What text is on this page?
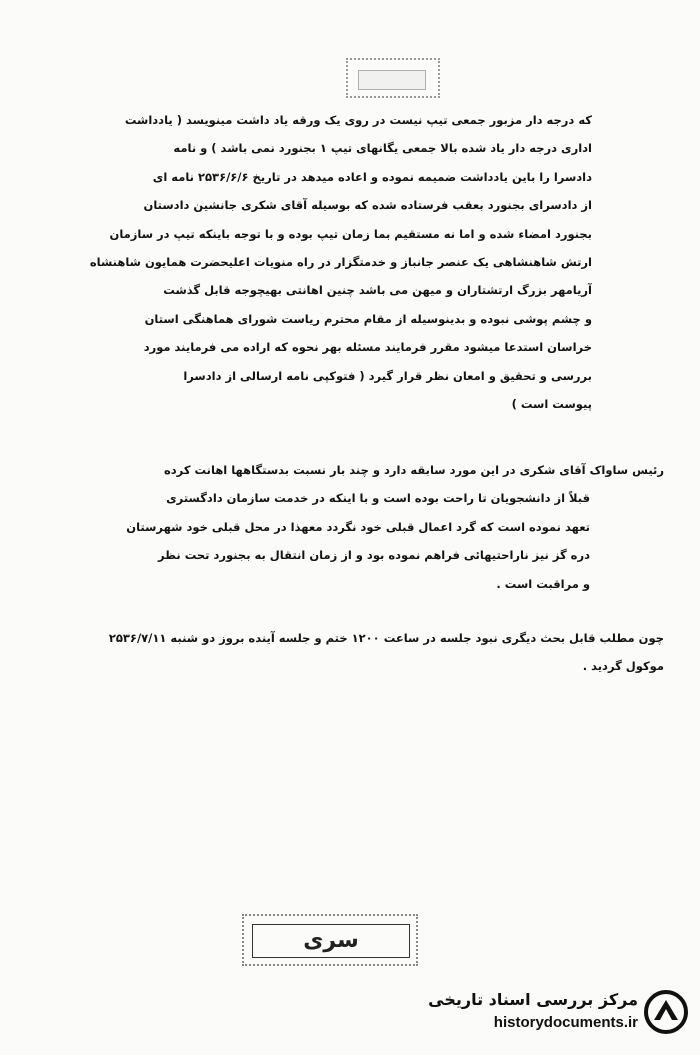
که درجه دار مزبور جمعی تیپ نیست در روی یک ورقه یاد داشت مینویسد ( یادداشت
اداری درجه دار یاد شده بالا جمعی یگانهای تیپ ۱ بجنورد نمی باشد ) و نامه
دادسرا را باین یادداشت ضمیمه نموده و اعاده میدهد در تاریخ ۲۵۳۶/۶/۶ نامه ای
از دادسرای بجنورد بعقب فرستاده شده که بوسیله آقای شکری جانشین دادستان
بجنورد امضاء شده و اما نه مستقیم بما زمان تیپ بوده و با توجه باینکه تیپ در سازمان
ارتش شاهنشاهی یک عنصر جانباز و خدمتگزار در راه منویات اعلیحضرت همایون شاهنشاه
آریامهر بزرگ ارتشتاران و میهن می باشد چنین اهانتی بهیچوجه قابل گذشت
و چشم پوشی نبوده و بدینوسیله از مقام محترم ریاست شورای هماهنگی استان
خراسان استدعا میشود مقرر فرمایند مسئله بهر نحوه که اراده می فرمایند مورد
بررسی و تحقیق و امعان نظر قرار گیرد ( فتوکپی نامه ارسالی از دادسرا
پیوست است )
رئیس ساواک آقای شکری در این مورد سابقه دارد و چند بار نسبت بدستگاهها اهانت کرده
قبلاً از دانشجویان تا راحت بوده است و با اینکه در خدمت سازمان دادگستری
تعهد نموده است که گرد اعمال قبلی خود نگردد معهذا در محل قبلی خود شهرستان
دره گز نیز ناراحتیهائی فراهم نموده بود و از زمان انتقال به بجنورد تحت نظر
و مراقبت است .
چون مطلب قابل بحث دیگری نبود جلسه در ساعت ۱۲۰۰ ختم و جلسه آینده بروز دو شنبه ۲۵۳۶/۷/۱۱
موکول گردید .
سری
مرکز بررسی اسناد تاریخی
historydocuments.ir
